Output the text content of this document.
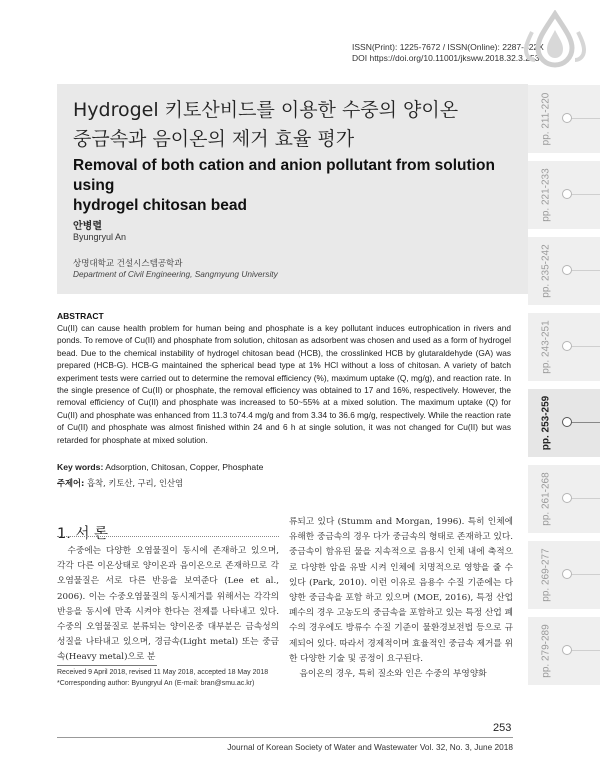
ISSN(Print): 1225-7672 / ISSN(Online): 2287-822X
DOI https://doi.org/10.11001/jksww.2018.32.3.253
Hydrogel 키토산비드를 이용한 수중의 양이온
중금속과 음이온의 제거 효율 평가
Removal of both cation and anion pollutant from solution using
hydrogel chitosan bead
안병렬
Byungryul An
상명대학교 건설시스템공학과
Department of Civil Engineering, Sangmyung University
pp. 211-220
pp. 221-233
pp. 235-242
pp. 243-251
pp. 253-259
pp. 261-268
pp. 269-277
pp. 279-289
ABSTRACT
Cu(II) can cause health problem for human being and phosphate is a key pollutant induces eutrophication in rivers and ponds. To remove of Cu(II) and phosphate from solution, chitosan as adsorbent was chosen and used as a form of hydrogel bead. Due to the chemical instability of hydrogel chitosan bead (HCB), the crosslinked HCB by glutaraldehyde (GA) was prepared (HCB-G). HCB-G maintained the spherical bead type at 1% HCl without a loss of chitosan. A variety of batch experiment tests were carried out to determine the removal efficiency (%), maximum uptake (Q, mg/g), and reaction rate. In the single presence of Cu(II) or phosphate, the removal efficiency was obtained to 17 and 16%, respectively. However, the removal efficiency of Cu(II) and phosphate was increased to 50~55% at a mixed solution. The maximum uptake (Q) for Cu(II) and phosphate was enhanced from 11.3 to74.4 mg/g and from 3.34 to 36.6 mg/g, respectively. While the reaction rate of Cu(II) and phosphate was almost finished within 24 and 6 h at single solution, it was not changed for Cu(II) but was retarded for phosphate at mixed solution.
Key words: Adsorption, Chitosan, Copper, Phosphate
주제어: 흡착, 키토산, 구리, 인산염
1. 서 론
수중에는 다양한 오염물질이 동시에 존재하고 있으며, 각각 다른 이온상태로 양이온과 음이온으로 존재하므로 각 오염물질은 서로 다른 반응을 보여준다 (Lee et al., 2006). 이는 수중오염물질의 동시제거를 위해서는 각각의 반응을 동시에 만족 시켜야 한다는 전제를 나타내고 있다. 수중의 오염물질로 분류되는 양이온중 대부분은 금속성의 성질을 나타내고 있으며, 경금속(Light metal) 또는 중금속(Heavy metal)으로 분
Received 9 April 2018, revised 11 May 2018, accepted 18 May 2018
*Corresponding author: Byungryul An (E-mail: bran@smu.ac.kr)
류되고 있다 (Stumm and Morgan, 1996). 특히 인체에 유해한 중금속의 경우 다가 중금속의 형태로 존재하고 있다. 중금속이 함유된 물을 지속적으로 음용시 인체 내에 축적으로 다양한 암을 유발 시켜 인체에 치명적으로 영향을 줄 수 있다 (Park, 2010). 이런 이유로 음용수 수질 기준에는 다양한 중금속을 포함 하고 있으며 (MOE, 2016), 특정 산업 폐수의 경우 고농도의 중금속을 포함하고 있는 특정 산업 폐수의 경우에도 방류수 수질 기준이 물환경보전법 등으로 규제되어 있다. 따라서 경제적이며 효율적인 중금속 제거를 위한 다양한 기술 및 공정이 요구된다.
음이온의 경우, 특히 질소와 인은 수중의 부영양화
253
Journal of Korean Society of Water and Wastewater Vol. 32, No. 3, June 2018
